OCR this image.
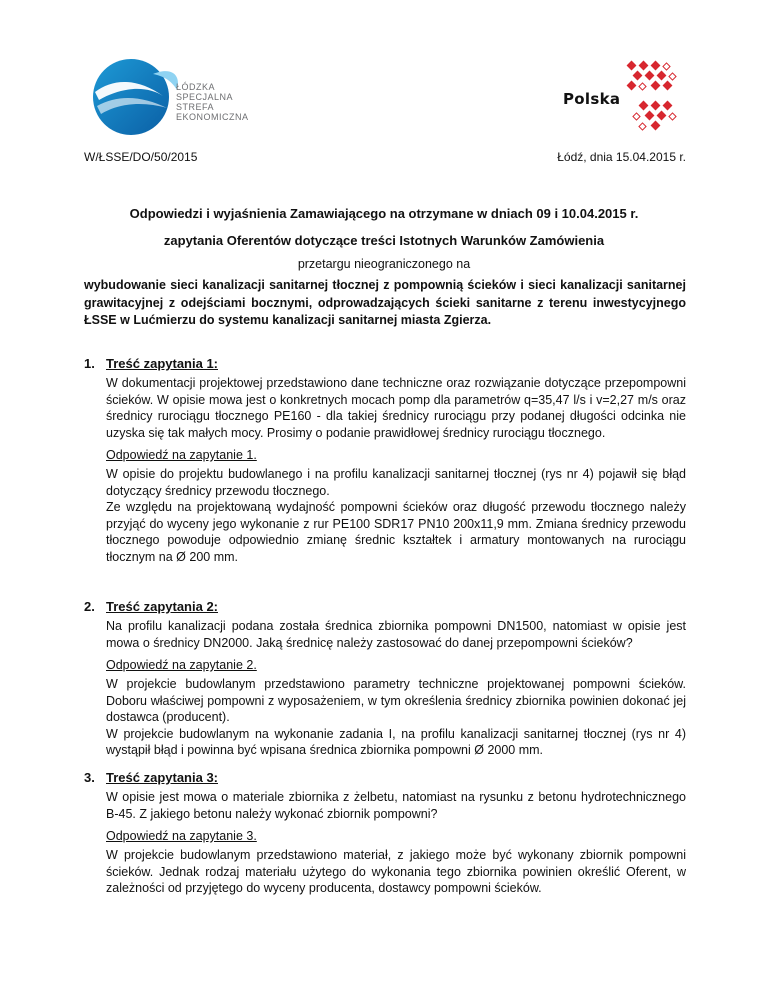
ŁÓDZKA
SPECJALNA
STREFA
EKONOMICZNA
Polska
W/ŁSSE/DO/50/2015	Łódź, dnia 15.04.2015 r.
Odpowiedzi i wyjaśnienia Zamawiającego na otrzymane w dniach 09 i 10.04.2015 r.
zapytania Oferentów dotyczące treści Istotnych Warunków Zamówienia
przetargu nieograniczonego na
wybudowanie sieci kanalizacji sanitarnej tłocznej z pompownią ścieków i sieci kanalizacji sanitarnej grawitacyjnej z odejściami bocznymi, odprowadzających ścieki sanitarne z terenu inwestycyjnego ŁSSE w Lućmierzu do systemu kanalizacji sanitarnej miasta Zgierza.
1. Treść zapytania 1:
W dokumentacji projektowej przedstawiono dane techniczne oraz rozwiązanie dotyczące przepompowni ścieków. W opisie mowa jest o konkretnych mocach pomp dla parametrów q=35,47 l/s i v=2,27 m/s oraz średnicy rurociągu tłocznego PE160 - dla takiej średnicy rurociągu przy podanej długości odcinka nie uzyska się tak małych mocy. Prosimy o podanie prawidłowej średnicy rurociągu tłocznego.
Odpowiedź na zapytanie 1.

W opisie do projektu budowlanego i na profilu kanalizacji sanitarnej tłocznej (rys nr 4) pojawił się błąd dotyczący średnicy przewodu tłocznego.

Ze względu na projektowaną wydajność pompowni ścieków oraz długość przewodu tłocznego należy przyjąć do wyceny jego wykonanie z rur PE100 SDR17 PN10 200x11,9 mm. Zmiana średnicy przewodu tłocznego powoduje odpowiednio zmianę średnic kształtek i armatury montowanych na rurociągu tłocznym na Ø 200 mm.

2. Treść zapytania 2:
Na profilu kanalizacji podana została średnica zbiornika pompowni DN1500, natomiast w opisie jest mowa o średnicy DN2000. Jaką średnicę należy zastosować do danej przepompowni ścieków?
Odpowiedź na zapytanie 2.

W projekcie budowlanym przedstawiono parametry techniczne projektowanej pompowni ścieków. Doboru właściwej pompowni z wyposażeniem, w tym określenia średnicy zbiornika powinien dokonać jej dostawca (producent).

W projekcie budowlanym na wykonanie zadania I, na profilu kanalizacji sanitarnej tłocznej (rys nr 4) wystąpił błąd i powinna być wpisana średnica zbiornika pompowni Ø 2000 mm.

3. Treść zapytania 3:
W opisie jest mowa o materiale zbiornika z żelbetu, natomiast na rysunku z betonu hydrotechnicznego B-45. Z jakiego betonu należy wykonać zbiornik pompowni?
Odpowiedź na zapytanie 3.

W projekcie budowlanym przedstawiono materiał, z jakiego może być wykonany zbiornik pompowni ścieków. Jednak rodzaj materiału użytego do wykonania tego zbiornika powinien określić Oferent, w zależności od przyjętego do wyceny producenta, dostawcy pompowni ścieków.
